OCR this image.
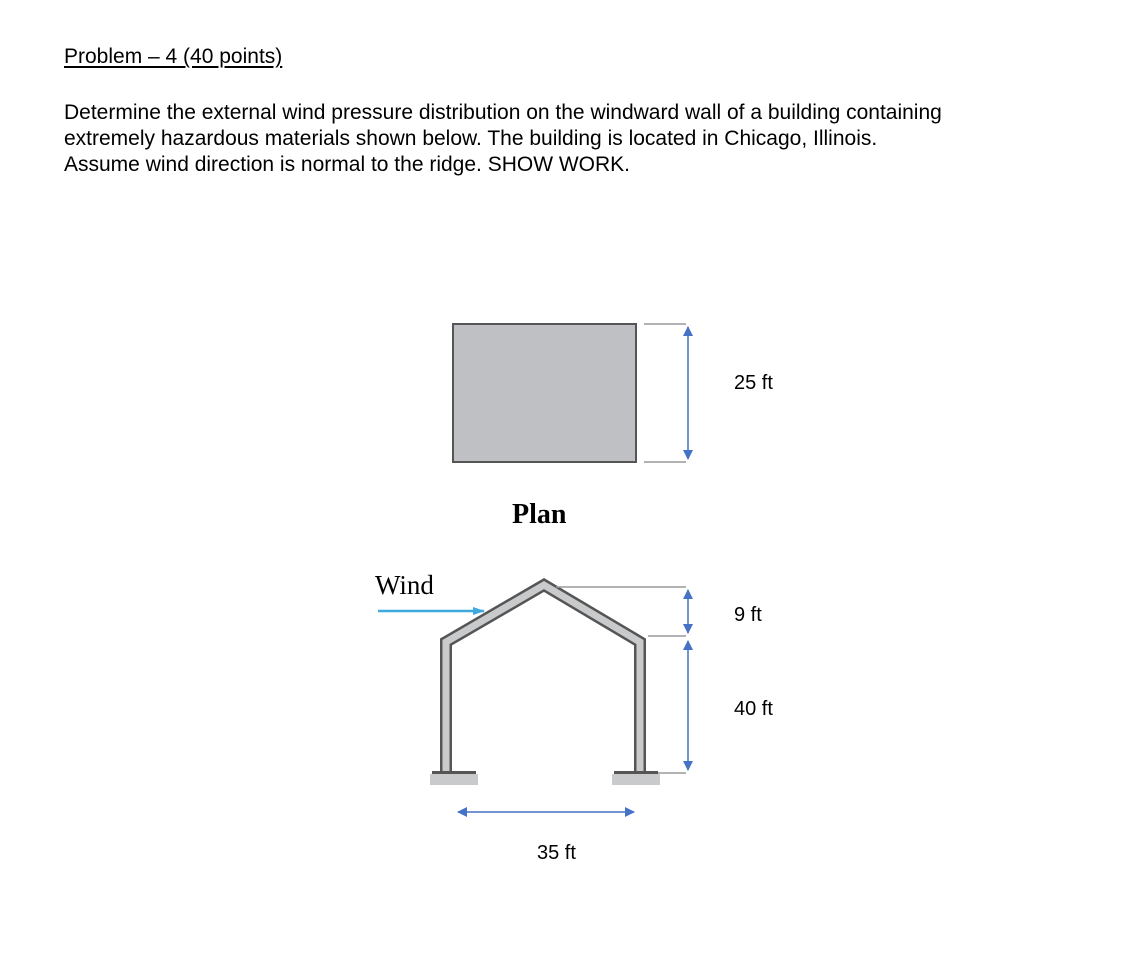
Problem – 4 (40 points)
Determine the external wind pressure distribution on the windward wall of a building containing
extremely hazardous materials shown below. The building is located in Chicago, Illinois.
Assume wind direction is normal to the ridge. SHOW WORK.
25 ft
Plan
Wind
9 ft
40 ft
35 ft
